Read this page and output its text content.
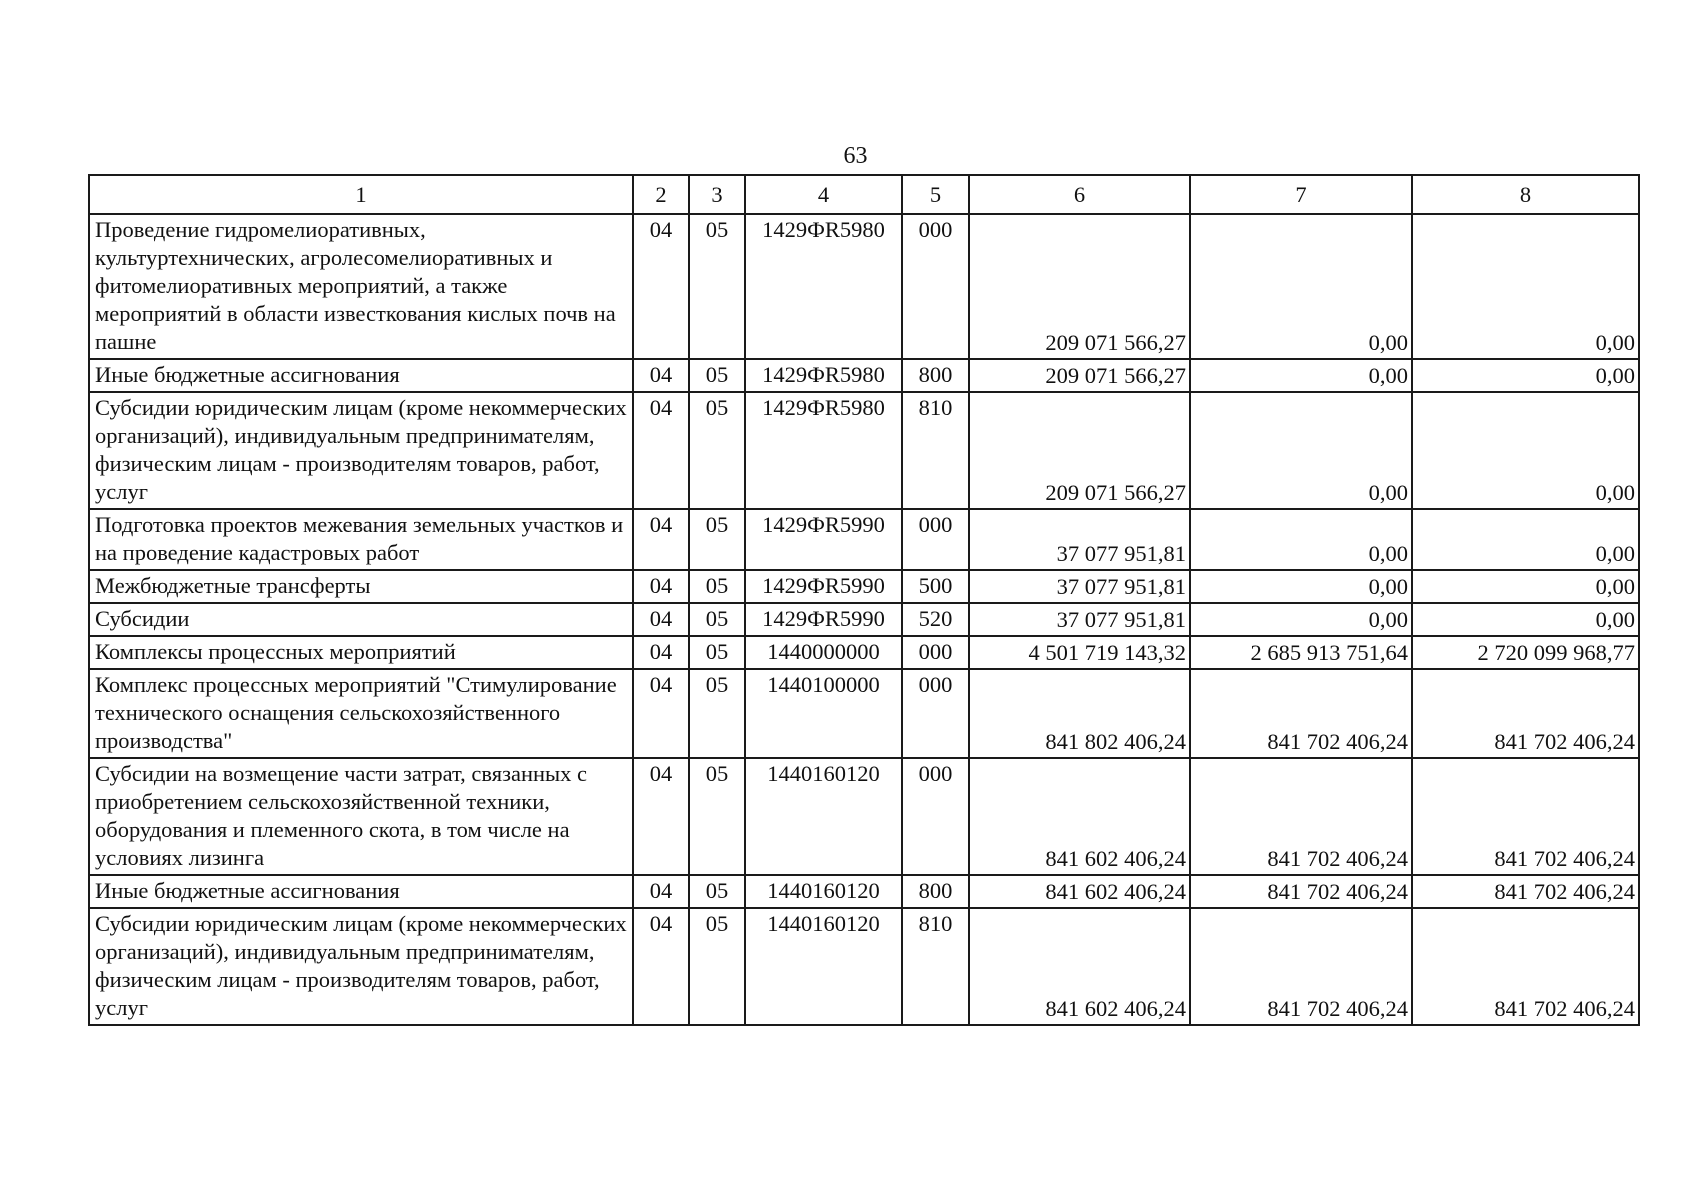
63
1	2	3	4	5	6	7	8
Проведение гидромелиоративных, культуртехнических, агролесомелиоративных и фитомелиоративных мероприятий, а также мероприятий в области известкования кислых почв на пашне	04	05	1429ФR5980	000	209 071 566,27	0,00	0,00
Иные бюджетные ассигнования	04	05	1429ФR5980	800	209 071 566,27	0,00	0,00
Субсидии юридическим лицам (кроме некоммерческих организаций), индивидуальным предпринимателям, физическим лицам - производителям товаров, работ, услуг	04	05	1429ФR5980	810	209 071 566,27	0,00	0,00
Подготовка проектов межевания земельных участков и на проведение кадастровых работ	04	05	1429ФR5990	000	37 077 951,81	0,00	0,00
Межбюджетные трансферты	04	05	1429ФR5990	500	37 077 951,81	0,00	0,00
Субсидии	04	05	1429ФR5990	520	37 077 951,81	0,00	0,00
Комплексы процессных мероприятий	04	05	1440000000	000	4 501 719 143,32	2 685 913 751,64	2 720 099 968,77
Комплекс процессных мероприятий "Стимулирование технического оснащения сельскохозяйственного производства"	04	05	1440100000	000	841 802 406,24	841 702 406,24	841 702 406,24
Субсидии на возмещение части затрат, связанных с приобретением сельскохозяйственной техники, оборудования и племенного скота, в том числе на условиях лизинга	04	05	1440160120	000	841 602 406,24	841 702 406,24	841 702 406,24
Иные бюджетные ассигнования	04	05	1440160120	800	841 602 406,24	841 702 406,24	841 702 406,24
Субсидии юридическим лицам (кроме некоммерческих организаций), индивидуальным предпринимателям, физическим лицам - производителям товаров, работ, услуг	04	05	1440160120	810	841 602 406,24	841 702 406,24	841 702 406,24
